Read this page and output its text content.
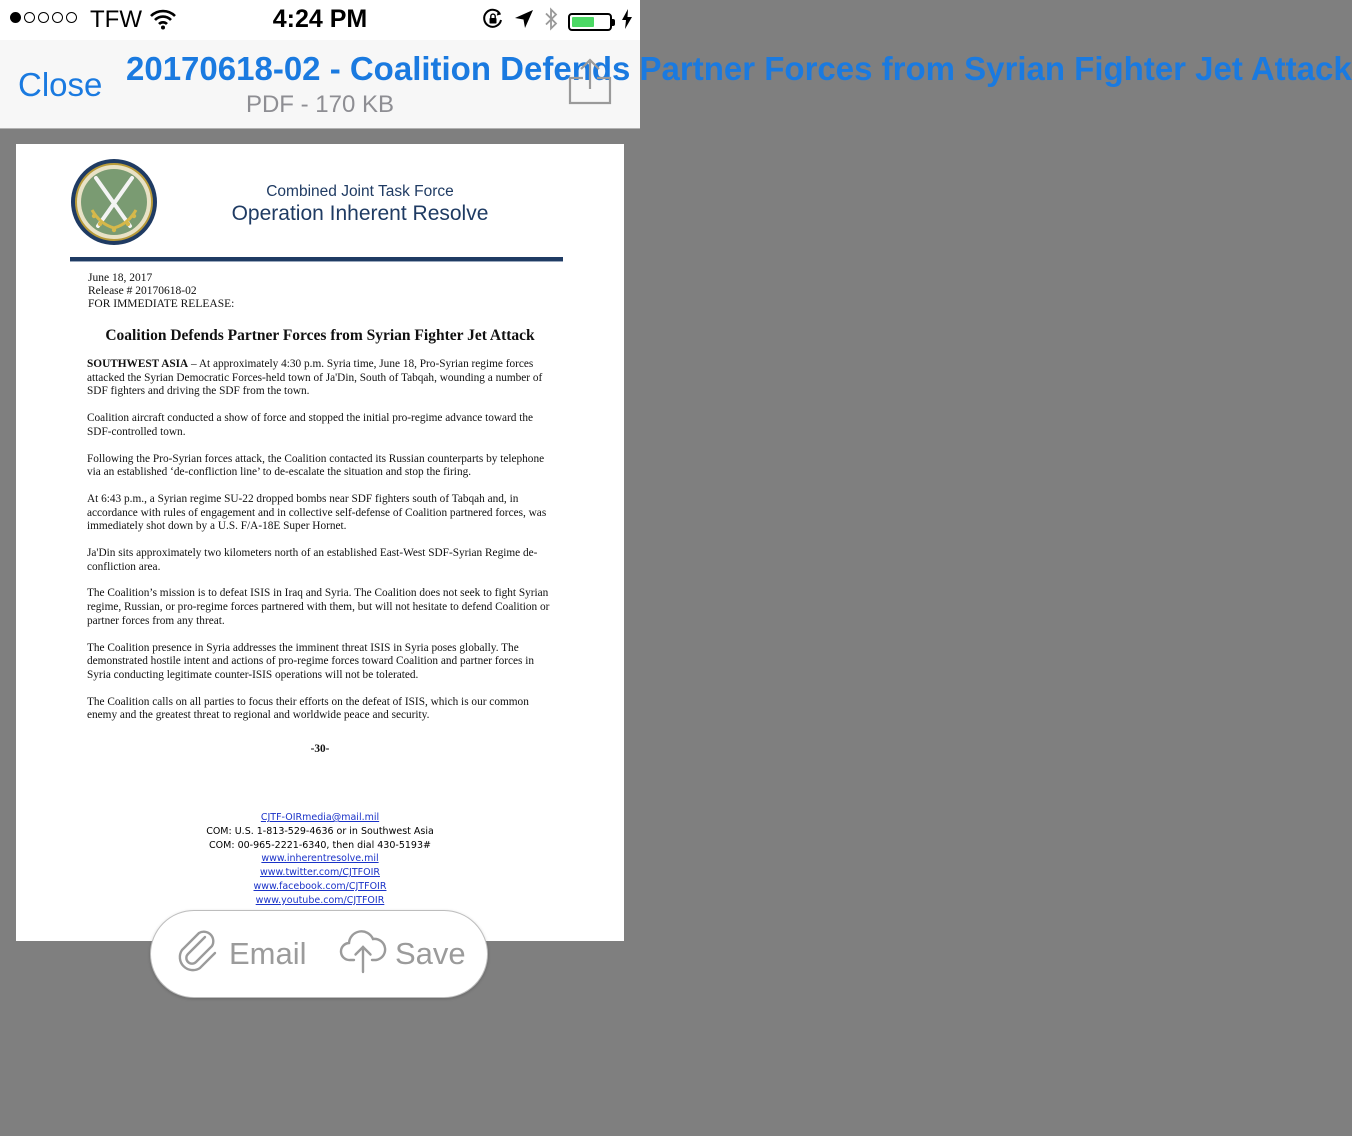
TFW	4:24 PM
Close 20170618-02 - Coalition Defends Partner Forces from Syrian Fighter Jet Attack
PDF - 170 KB
Combined Joint Task Force
Operation Inherent Resolve
June 18, 2017
Release # 20170618-02
FOR IMMEDIATE RELEASE:
Coalition Defends Partner Forces from Syrian Fighter Jet Attack

SOUTHWEST ASIA – At approximately 4:30 p.m. Syria time, June 18, Pro-Syrian regime forces attacked the Syrian Democratic Forces-held town of Ja'Din, South of Tabqah, wounding a number of SDF fighters and driving the SDF from the town.

Coalition aircraft conducted a show of force and stopped the initial pro-regime advance toward the SDF-controlled town.

Following the Pro-Syrian forces attack, the Coalition contacted its Russian counterparts by telephone via an established ‘de-confliction line’ to de-escalate the situation and stop the firing.

At 6:43 p.m., a Syrian regime SU-22 dropped bombs near SDF fighters south of Tabqah and, in accordance with rules of engagement and in collective self-defense of Coalition partnered forces, was immediately shot down by a U.S. F/A-18E Super Hornet.

Ja'Din sits approximately two kilometers north of an established East-West SDF-Syrian Regime de-confliction area.

The Coalition’s mission is to defeat ISIS in Iraq and Syria. The Coalition does not seek to fight Syrian regime, Russian, or pro-regime forces partnered with them, but will not hesitate to defend Coalition or partner forces from any threat.

The Coalition presence in Syria addresses the imminent threat ISIS in Syria poses globally. The demonstrated hostile intent and actions of pro-regime forces toward Coalition and partner forces in Syria conducting legitimate counter-ISIS operations will not be tolerated.

The Coalition calls on all parties to focus their efforts on the defeat of ISIS, which is our common enemy and the greatest threat to regional and worldwide peace and security.

-30-
CJTF-OIRmedia@mail.mil
COM: U.S. 1-813-529-4636 or in Southwest Asia
COM: 00-965-2221-6340, then dial 430-5193#
www.inherentresolve.mil
www.twitter.com/CJTFOIR
www.facebook.com/CJTFOIR
www.youtube.com/CJTFOIR
Email	Save
